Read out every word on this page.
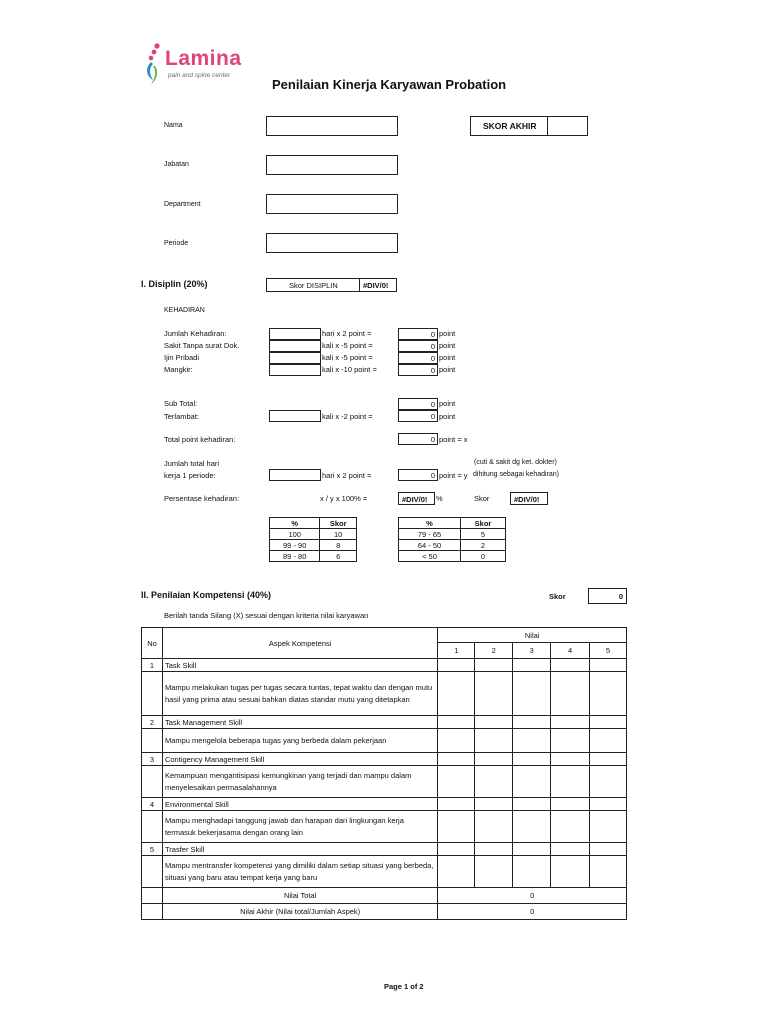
Lamina
pain and spine center
Penilaian Kinerja Karyawan Probation
Nama
Jabatan
Department
Periode
SKOR AKHIR
I. Disiplin (20%)	Skor DISIPLIN	#DIV/0!
KEHADIRAN
Jumlah Kehadiran:	hari x 2 point =	0 point
Sakit Tanpa surat Dok.	kali x -5 point =	0 point
Ijin Pribadi	kali x -5 point =	0 point
Mangkir:	kali x -10 point =	0 point
Sub Total:	0 point
Terlambat:	kali x -2 point =	0 point
Total point kehadiran:	0 point = x
Jumlah total hari
kerja 1 periode:	hari x 2 point =	0 point = y
(cuti & sakit dg ket. dokter)
dihitung sebagai kehadiran)
Persentase kehadiran:	x / y x 100% =	#DIV/0! %	Skor	#DIV/0!
%	Skor
100	10
99 - 90	8
89 - 80	6
%	Skor
79 - 65	5
64 - 50	2
< 50	0
II. Penilaian Kompetensi (40%)	Skor	0
Berilah tanda Silang (X) sesuai dengan kriteria nilai karyawan
No	Aspek Kompetensi	Nilai				
		1	2	3	4	5
1	Task Skill					
	Mampu melakukan tugas per tugas secara tuntas, tepat waktu dan dengan mutu hasil yang prima atau sesuai bahkan diatas standar mutu yang ditetapkan					
2	Task Management Skill					
	Mampu mengelola beberapa tugas yang berbeda dalam pekerjaan					
3	Contigency Management Skill					
	Kemampuan mengantisipasi kemungkinan yang terjadi dan mampu dalam menyelesaikan permasalahannya					
4	Environmental Skill					
	Mampu menghadapi tanggung jawab dan harapan dari lingkungan kerja termasuk bekerjasama dengan orang lain					
5	Trasfer Skill					
	Mampu mentransfer kompetensi yang dimiliki dalam setiap situasi yang berbeda, situasi yang baru atau tempat kerja yang baru					
	Nilai Total	0				
	Nilai Akhir (Nilai total/Jumlah Aspek)	0				
Page 1 of 2
